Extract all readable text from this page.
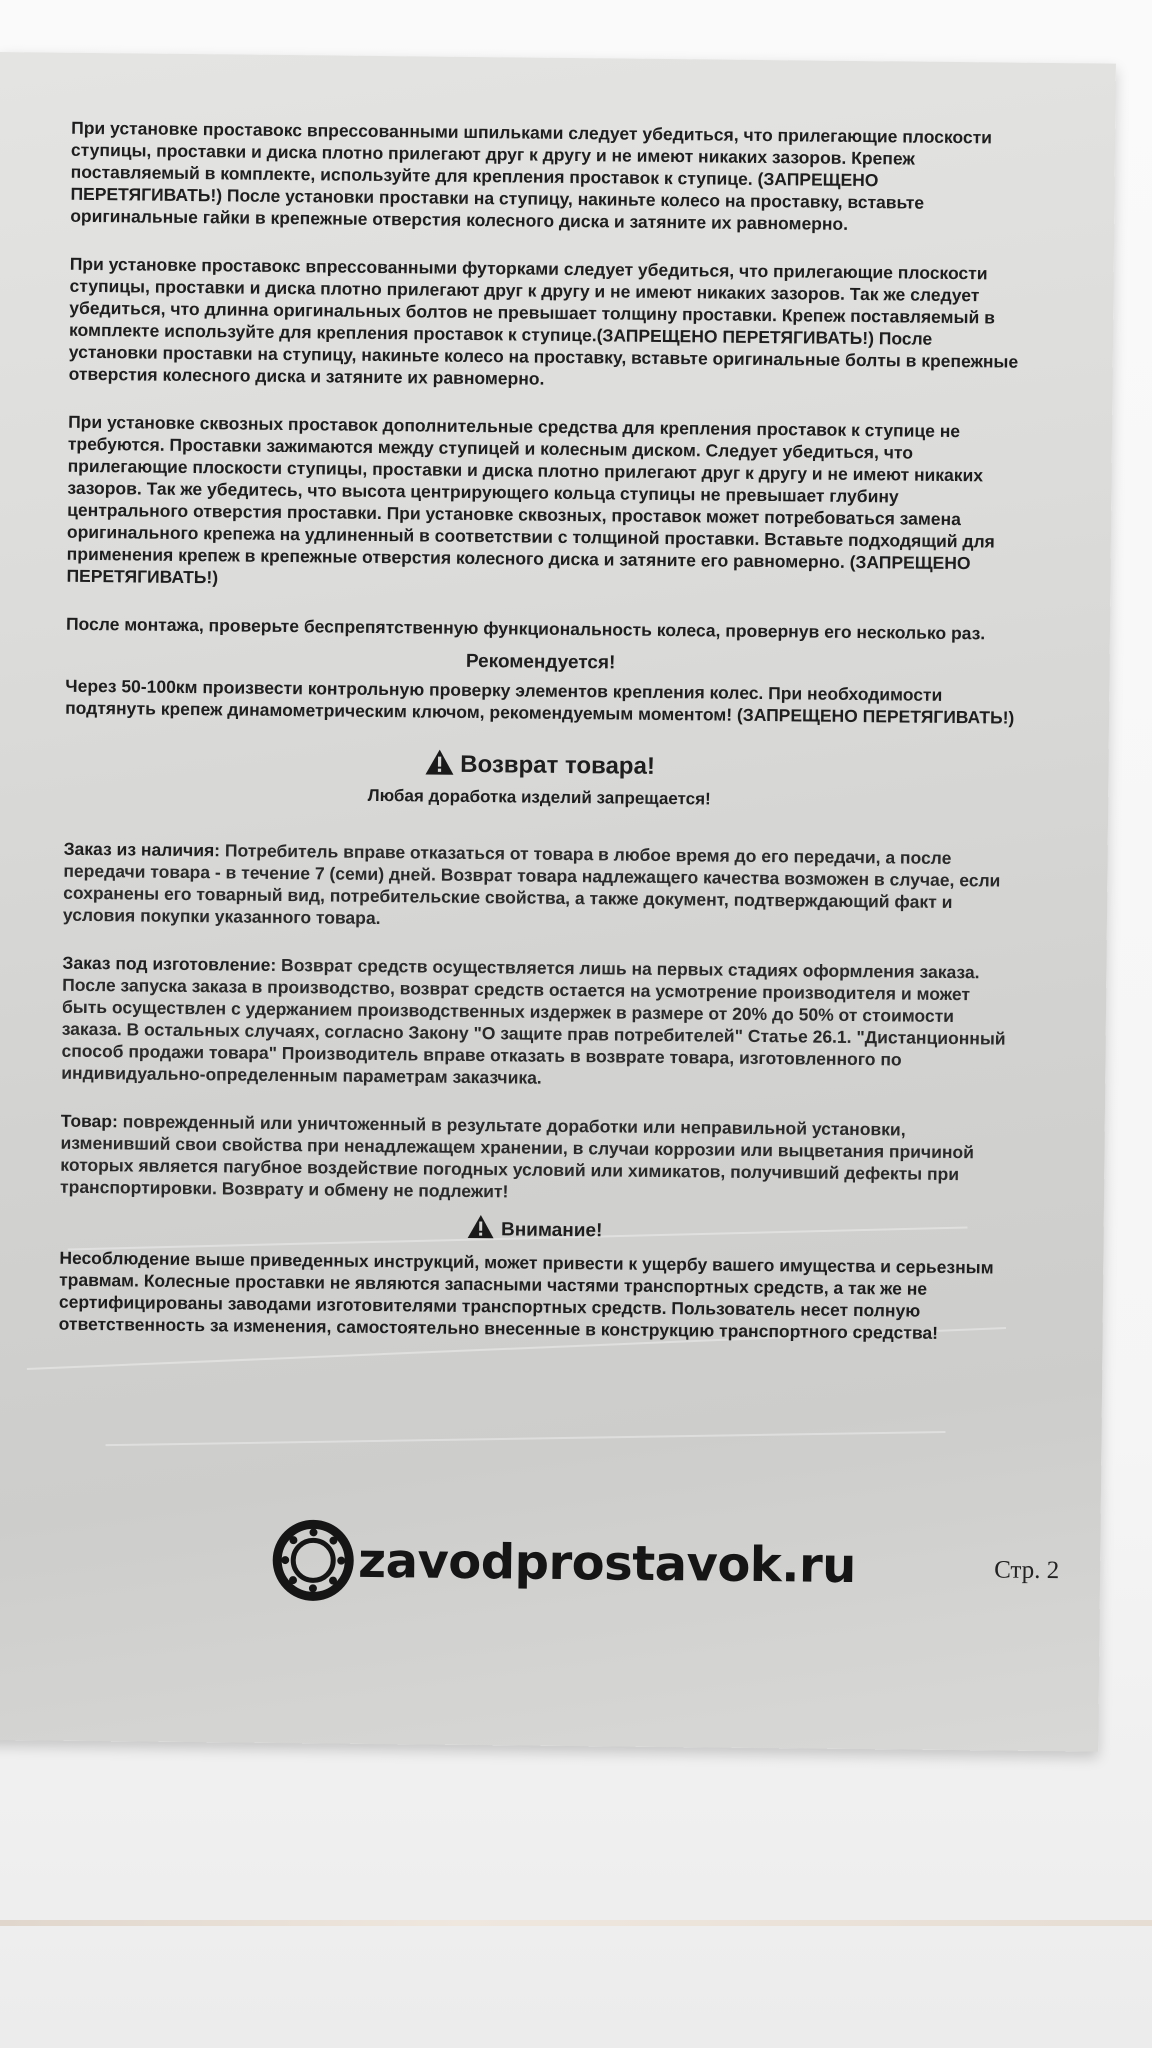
При установке проставокс впрессованными шпильками следует убедиться, что прилегающие плоскости ступицы, проставки и диска плотно прилегают друг к другу и не имеют никаких зазоров. Крепеж поставляемый в комплекте, используйте для крепления проставок к ступице. (ЗАПРЕЩЕНО ПЕРЕТЯГИВАТЬ!) После установки проставки на ступицу, накиньте колесо на проставку, вставьте оригинальные гайки в крепежные отверстия колесного диска и затяните их равномерно.

При установке проставокс впрессованными футорками следует убедиться, что прилегающие плоскости ступицы, проставки и диска плотно прилегают друг к другу и не имеют никаких зазоров. Так же следует убедиться, что длинна оригинальных болтов не превышает толщину проставки. Крепеж поставляемый в комплекте используйте для крепления проставок к ступице.(ЗАПРЕЩЕНО ПЕРЕТЯГИВАТЬ!) После установки проставки на ступицу, накиньте колесо на проставку, вставьте оригинальные болты в крепежные отверстия колесного диска и затяните их равномерно.

При установке сквозных проставок дополнительные средства для крепления проставок к ступице не требуются. Проставки зажимаются между ступицей и колесным диском. Следует убедиться, что прилегающие плоскости ступицы, проставки и диска плотно прилегают друг к другу и не имеют никаких зазоров. Так же убедитесь, что высота центрирующего кольца ступицы не превышает глубину центрального отверстия проставки. При установке сквозных, проставок может потребоваться замена оригинального крепежа на удлиненный в соответствии с толщиной проставки. Вставьте подходящий для применения крепеж в крепежные отверстия колесного диска и затяните его равномерно. (ЗАПРЕЩЕНО ПЕРЕТЯГИВАТЬ!)

После монтажа, проверьте беспрепятственную функциональность колеса, провернув его несколько раз.

Рекомендуется!

Через 50-100км произвести контрольную проверку элементов крепления колес. При необходимости подтянуть крепеж динамометрическим ключом, рекомендуемым моментом! (ЗАПРЕЩЕНО ПЕРЕТЯГИВАТЬ!)

Возврат товара!
Любая доработка изделий запрещается!

Заказ из наличия: Потребитель вправе отказаться от товара в любое время до его передачи, а после передачи товара - в течение 7 (семи) дней. Возврат товара надлежащего качества возможен в случае, если сохранены его товарный вид, потребительские свойства, а также документ, подтверждающий факт и условия покупки указанного товара.

Заказ под изготовление: Возврат средств осуществляется лишь на первых стадиях оформления заказа. После запуска заказа в производство, возврат средств остается на усмотрение производителя и может быть осуществлен с удержанием производственных издержек в размере от 20% до 50% от стоимости заказа. В остальных случаях, согласно Закону "О защите прав потребителей" Статье 26.1. "Дистанционный способ продажи товара" Производитель вправе отказать в возврате товара, изготовленного по индивидуально-определенным параметрам заказчика.

Товар: поврежденный или уничтоженный в результате доработки или неправильной установки, изменивший свои свойства при ненадлежащем хранении, в случаи коррозии или выцветания причиной которых является пагубное воздействие погодных условий или химикатов, получивший дефекты при транспортировки. Возврату и обмену не подлежит!

Внимание!

Несоблюдение выше приведенных инструкций, может привести к ущербу вашего имущества и серьезным травмам. Колесные проставки не являются запасными частями транспортных средств, а так же не сертифицированы заводами изготовителями транспортных средств. Пользователь несет полную ответственность за изменения, самостоятельно внесенные в конструкцию транспортного средства!

zavodprostavok.ru	Стр. 2
